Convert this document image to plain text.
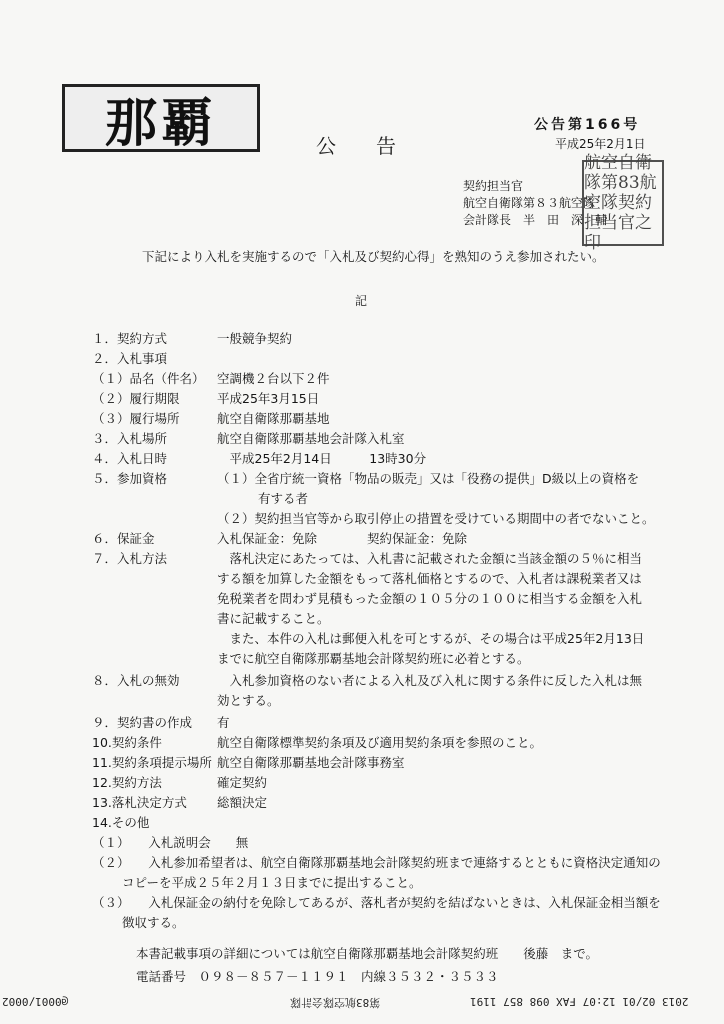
那覇	公告
公告第166号
平成25年2月1日
契約担当官
航空自衛隊第８３航空隊
会計隊長　半　田　深　輔
航空自衛隊第83航空隊契約担当官之印
下記により入札を実施するので「入札及び契約心得」を熟知のうえ参加されたい。
記
１．契約方式	一般競争契約
２．入札事項
（１）品名（件名） 空調機２台以下２件
（２）履行期限	平成25年3月15日
（３）履行場所	航空自衛隊那覇基地
３．入札場所	航空自衛隊那覇基地会計隊入札室
４．入札日時	　平成25年2月14日　　　13時30分
５．参加資格	（１）全省庁統一資格「物品の販売」又は「役務の提供」D級以上の資格を
有する者
（２）契約担当官等から取引停止の措置を受けている期間中の者でないこと。
６．保証金	入札保証金：免除　　　　契約保証金：免除
７．入札方法	　落札決定にあたっては、入札書に記載された金額に当該金額の５％に相当
する額を加算した金額をもって落札価格とするので、入札者は課税業者又は
免税業者を問わず見積もった金額の１０５分の１００に相当する金額を入札
書に記載すること。
　また、本件の入札は郵便入札を可とするが、その場合は平成25年2月13日
までに航空自衛隊那覇基地会計隊契約班に必着とする。
８．入札の無効	　入札参加資格のない者による入札及び入札に関する条件に反した入札は無
効とする。
９．契約書の作成 有
10.契約条件	航空自衛隊標準契約条項及び適用契約条項を参照のこと。
11.契約条項提示場所 航空自衛隊那覇基地会計隊事務室
12.契約方法	確定契約
13.落札決定方式 総額決定
14.その他
（１）　　入札説明会　　無
（２）　　入札参加希望者は、航空自衛隊那覇基地会計隊契約班まで連絡するとともに資格決定通知の
コピーを平成２５年２月１３日までに提出すること。
（３）　　入札保証金の納付を免除してあるが、落札者が契約を結ばないときは、入札保証金相当額を
徴収する。
本書記載事項の詳細については航空自衛隊那覇基地会計隊契約班　　後藤　まで。
電話番号　０９８－８５７－１１９１　内線３５３２・３５３３
2013 02/01 12:07 FAX 098 857 1191
第83航空隊会計隊
@0001/0002
